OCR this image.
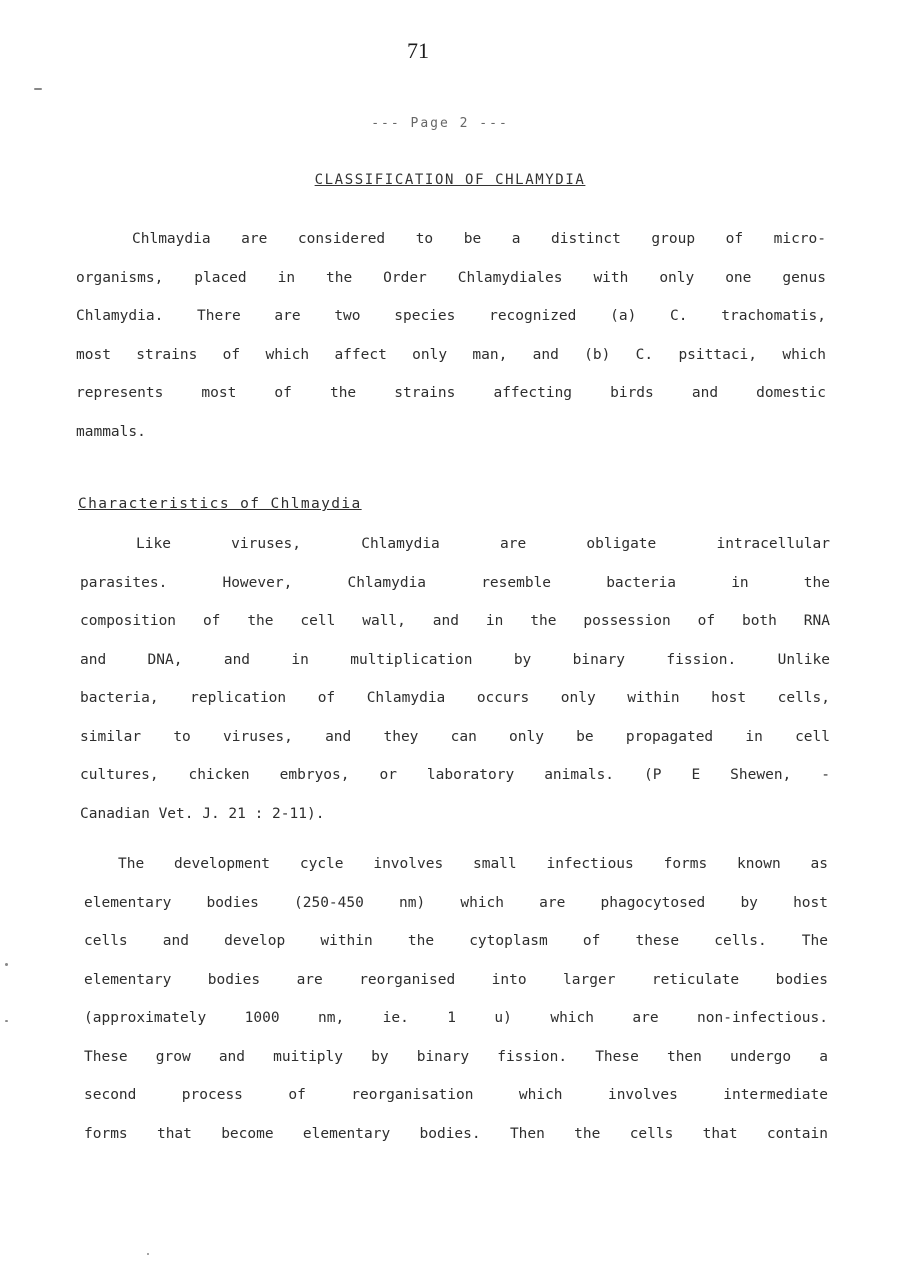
71
--- Page 2 ---
CLASSIFICATION OF CHLAMYDIA
Chlmaydia are considered to be a distinct group of micro-
organisms, placed in the Order Chlamydiales with only one genus
Chlamydia. There are two species recognized (a) C. trachomatis,
most strains of which affect only man, and (b) C. psittaci, which
represents most of the strains affecting birds and domestic
mammals.
Characteristics of Chlmaydia
Like viruses, Chlamydia are obligate intracellular
parasites. However, Chlamydia resemble bacteria in the
composition of the cell wall, and in the possession of both RNA
and DNA, and in multiplication by binary fission. Unlike
bacteria, replication of Chlamydia occurs only within host cells,
similar to viruses, and they can only be propagated in cell
cultures, chicken embryos, or laboratory animals. (P E Shewen, -
Canadian Vet. J. 21 : 2-11).
The development cycle involves small infectious forms known as
elementary bodies (250-450 nm) which are phagocytosed by host
cells and develop within the cytoplasm of these cells. The
elementary bodies are reorganised into larger reticulate bodies
(approximately 1000 nm, ie. 1 u) which are non-infectious.
These grow and muitiply by binary fission. These then undergo a
second process of reorganisation which involves intermediate
forms that become elementary bodies. Then the cells that contain
